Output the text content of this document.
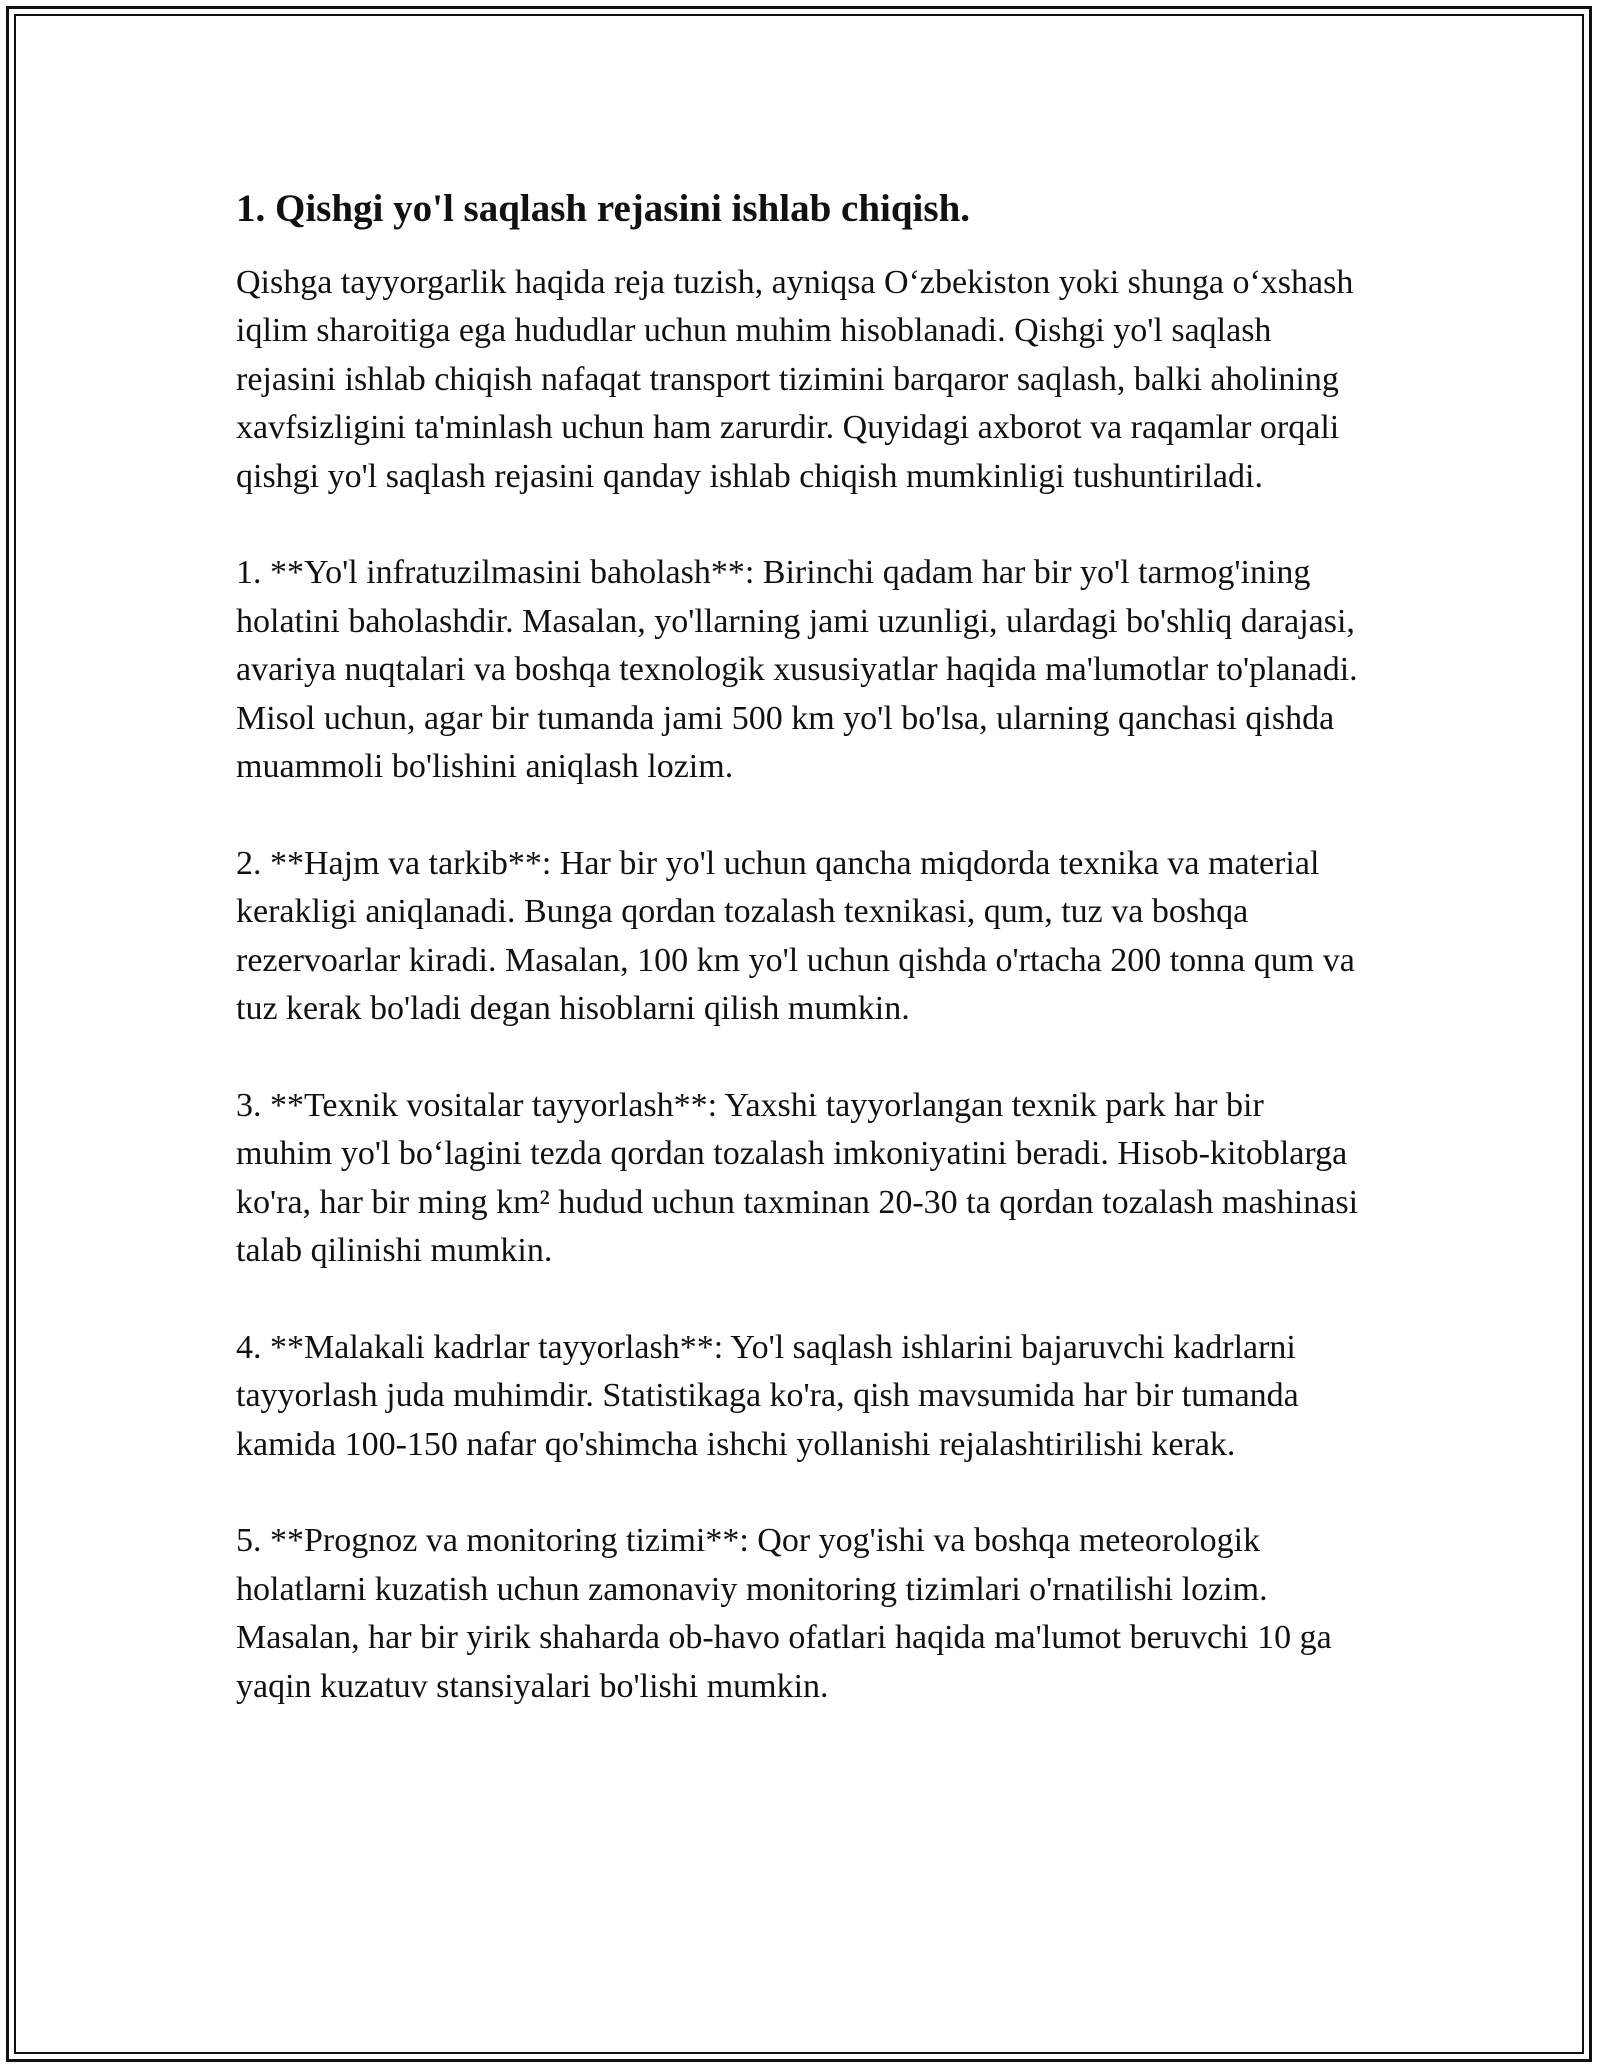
1. Qishgi yo'l saqlash rejasini ishlab chiqish.

Qishga tayyorgarlik haqida reja tuzish, ayniqsa O‘zbekiston yoki shunga o‘xshash iqlim sharoitiga ega hududlar uchun muhim hisoblanadi. Qishgi yo'l saqlash rejasini ishlab chiqish nafaqat transport tizimini barqaror saqlash, balki aholining xavfsizligini ta'minlash uchun ham zarurdir. Quyidagi axborot va raqamlar orqali qishgi yo'l saqlash rejasini qanday ishlab chiqish mumkinligi tushuntiriladi.

1. **Yo'l infratuzilmasini baholash**: Birinchi qadam har bir yo'l tarmog'ining holatini baholashdir. Masalan, yo'llarning jami uzunligi, ulardagi bo'shliq darajasi, avariya nuqtalari va boshqa texnologik xususiyatlar haqida ma'lumotlar to'planadi. Misol uchun, agar bir tumanda jami 500 km yo'l bo'lsa, ularning qanchasi qishda muammoli bo'lishini aniqlash lozim.

2. **Hajm va tarkib**: Har bir yo'l uchun qancha miqdorda texnika va material kerakligi aniqlanadi. Bunga qordan tozalash texnikasi, qum, tuz va boshqa rezervoarlar kiradi. Masalan, 100 km yo'l uchun qishda o'rtacha 200 tonna qum va tuz kerak bo'ladi degan hisoblarni qilish mumkin.

3. **Texnik vositalar tayyorlash**: Yaxshi tayyorlangan texnik park har bir muhim yo'l bo‘lagini tezda qordan tozalash imkoniyatini beradi. Hisob-kitoblarga ko'ra, har bir ming km² hudud uchun taxminan 20-30 ta qordan tozalash mashinasi talab qilinishi mumkin.

4. **Malakali kadrlar tayyorlash**: Yo'l saqlash ishlarini bajaruvchi kadrlarni tayyorlash juda muhimdir. Statistikaga ko'ra, qish mavsumida har bir tumanda kamida 100-150 nafar qo'shimcha ishchi yollanishi rejalashtirilishi kerak.

5. **Prognoz va monitoring tizimi**: Qor yog'ishi va boshqa meteorologik holatlarni kuzatish uchun zamonaviy monitoring tizimlari o'rnatilishi lozim. Masalan, har bir yirik shaharda ob-havo ofatlari haqida ma'lumot beruvchi 10 ga yaqin kuzatuv stansiyalari bo'lishi mumkin.
